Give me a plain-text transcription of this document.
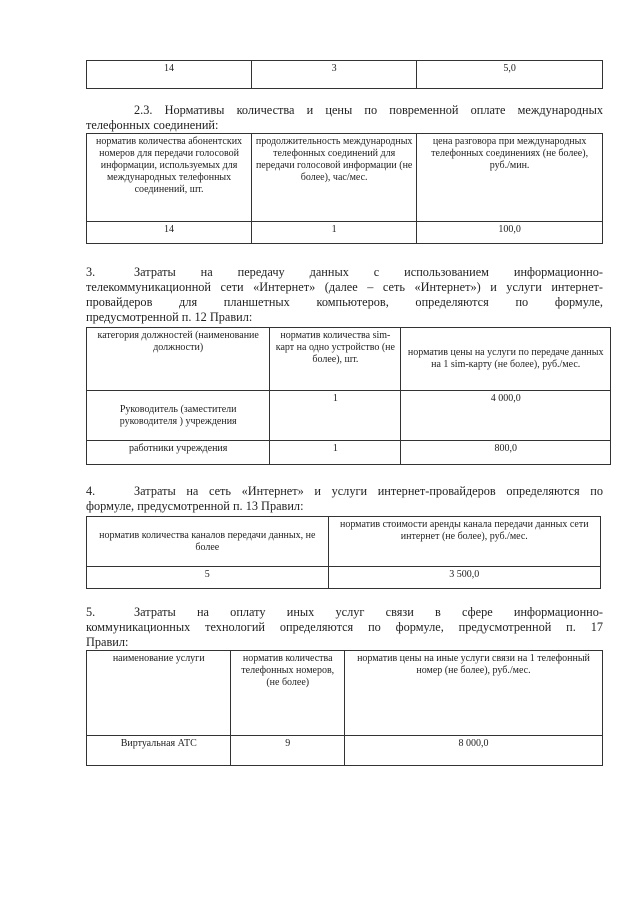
14	3	5,0
2.3. Нормативы количества и цены по повременной оплате международных
телефонных соединений:
норматив количества абонентских номеров для передачи голосовой информации, используемых для международных телефонных соединений, шт.	продолжительность международных телефонных соединений для передачи голосовой информации (не более), час/мес.	цена разговора при международных телефонных соединениях (не более), руб./мин.
14	1	100,0
3.	Затраты на передачу данных с использованием информационно-
телекоммуникационной сети «Интернет» (далее – сеть «Интернет») и услуги интернет-
провайдеров для планшетных компьютеров, определяются по формуле,
предусмотренной п. 12 Правил:
категория должностей (наименование должности)	норматив количества sim-карт на одно устройство (не более), шт.	норматив цены на услуги по передаче данных на 1 sim-карту (не более), руб./мес.
Руководитель (заместители руководителя ) учреждения	1	4 000,0
работники учреждения	1	800,0
4.	Затраты на сеть «Интернет» и услуги интернет-провайдеров определяются по
формуле, предусмотренной п. 13 Правил:
норматив количества каналов передачи данных, не более	норматив стоимости аренды канала передачи данных сети интернет (не более), руб./мес.
5	3 500,0
5.	Затраты на оплату иных услуг связи в сфере информационно-
коммуникационных технологий определяются по формуле, предусмотренной п. 17
Правил:
наименование услуги	норматив количества телефонных номеров, (не более)	норматив цены на иные услуги связи на 1 телефонный номер (не более), руб./мес.
Виртуальная АТС	9	8 000,0
